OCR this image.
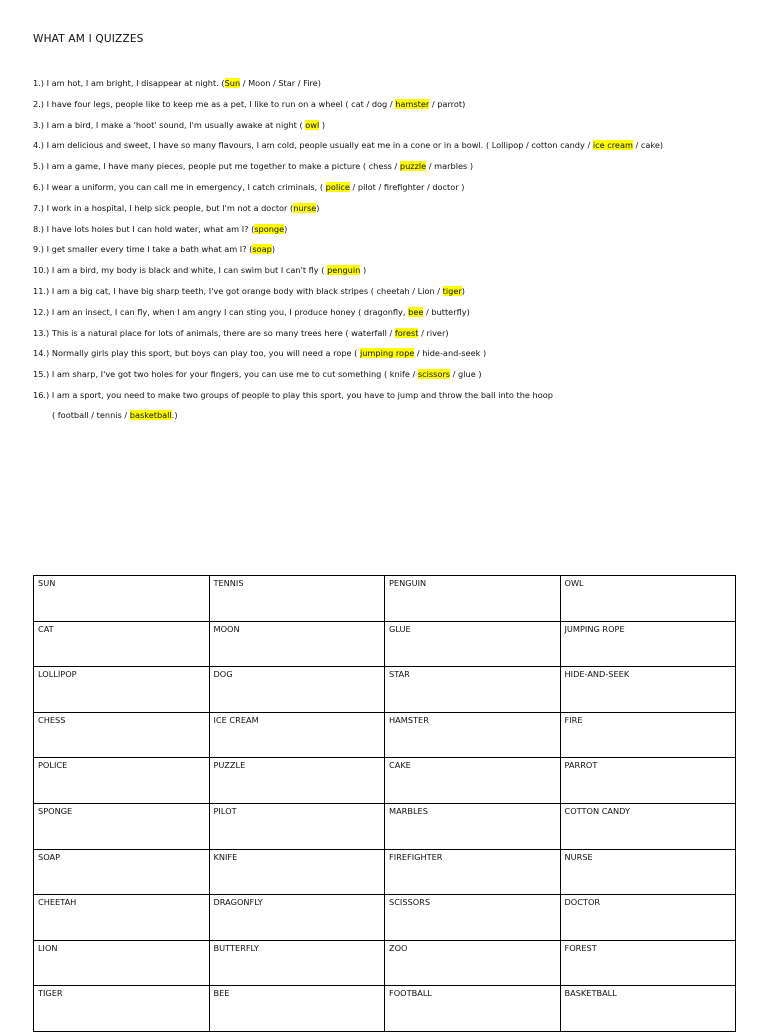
WHAT AM I QUIZZES
1.) I am hot, I am bright, I disappear at night. (Sun / Moon / Star / Fire)
2.) I have four legs, people like to keep me as a pet, I like to run on a wheel ( cat / dog / hamster / parrot)
3.) I am a bird, I make a 'hoot' sound, I'm usually awake at night ( owl )
4.) I am delicious and sweet, I have so many flavours, I am cold, people usually eat me in a cone or in a bowl. ( Lollipop / cotton candy / ice cream / cake)
5.) I am a game, I have many pieces, people put me together to make a picture ( chess / puzzle / marbles )
6.) I wear a uniform, you can call me in emergency, I catch criminals, ( police / pilot / firefighter / doctor )
7.) I work in a hospital, I help sick people, but I'm not a doctor (nurse)
8.) I have lots holes but I can hold water, what am I? (sponge)
9.) I get smaller every time I take a bath what am I? (soap)
10.) I am a bird, my body is black and white, I can swim but I can't fly ( penguin )
11.) I am a big cat, I have big sharp teeth, I've got orange body with black stripes ( cheetah / Lion / tiger)
12.) I am an insect, I can fly, when I am angry I can sting you, I produce honey ( dragonfly, bee / butterfly)
13.) This is a natural place for lots of animals, there are so many trees here ( waterfall / forest / river)
14.) Normally girls play this sport, but boys can play too, you will need a rope ( jumping rope / hide-and-seek )
15.) I am sharp, I've got two holes for your fingers, you can use me to cut something ( knife / scissors / glue )
16.) I am a sport, you need to make two groups of people to play this sport, you have to jump and throw the ball into the hoop
( football / tennis / basketball.)
SUN	TENNIS	PENGUIN	OWL
CAT	MOON	GLUE	JUMPING ROPE
LOLLIPOP	DOG	STAR	HIDE-AND-SEEK
CHESS	ICE CREAM	HAMSTER	FIRE
POLICE	PUZZLE	CAKE	PARROT
SPONGE	PILOT	MARBLES	COTTON CANDY
SOAP	KNIFE	FIREFIGHTER	NURSE
CHEETAH	DRAGONFLY	SCISSORS	DOCTOR
LION	BUTTERFLY	ZOO	FOREST
TIGER	BEE	FOOTBALL	BASKETBALL
